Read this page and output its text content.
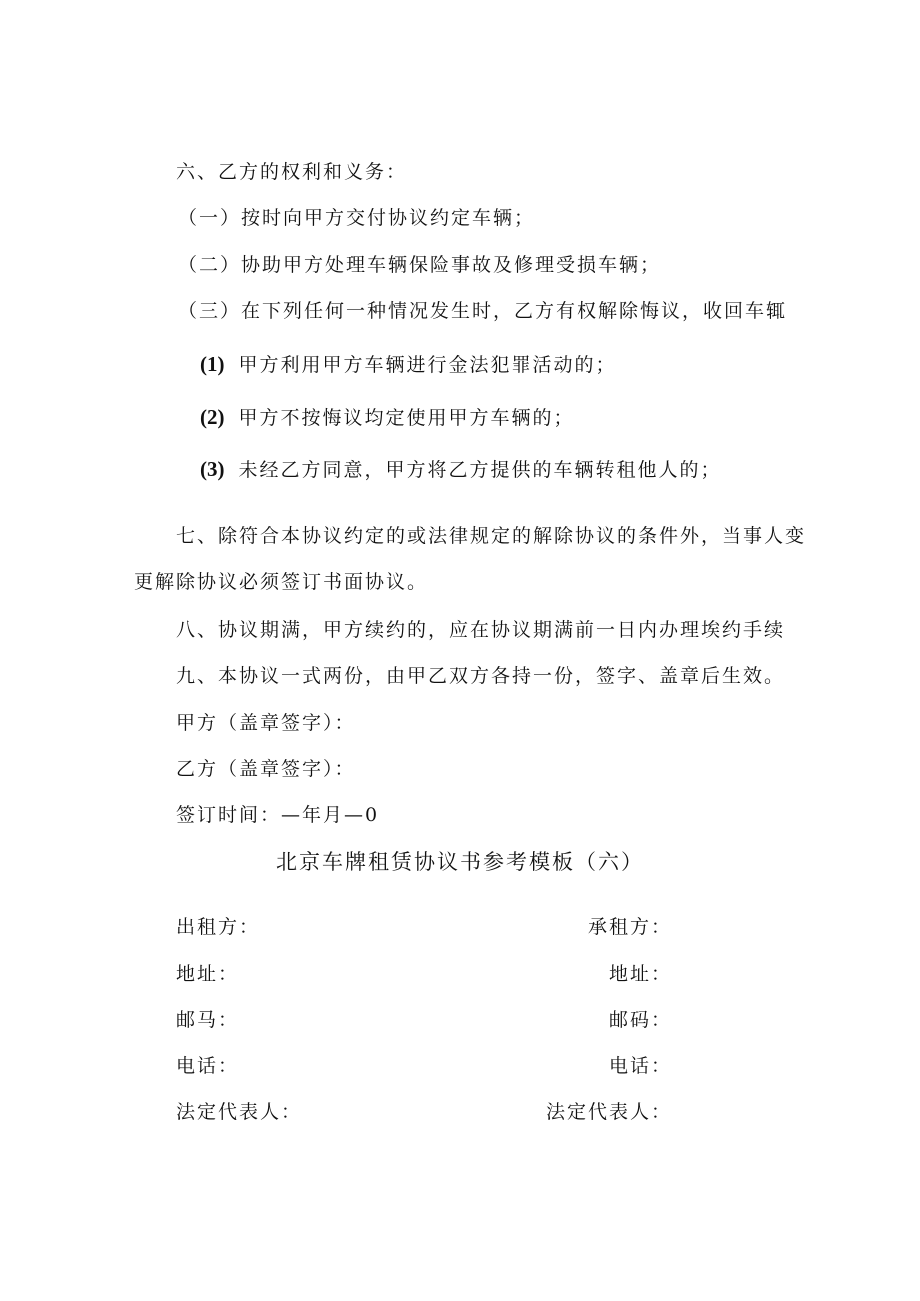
六、乙方的权利和义务：
（一）按时向甲方交付协议约定车辆；
（二）协助甲方处理车辆保险事故及修理受损车辆；
（三）在下列任何一种情况发生时，乙方有权解除悔议，收回车辄
(1) 甲方利用甲方车辆进行金法犯罪活动的；
(2) 甲方不按悔议均定使用甲方车辆的；
(3) 未经乙方同意，甲方将乙方提供的车辆转租他人的；
七、除符合本协议约定的或法律规定的解除协议的条件外，当事人变
更解除协议必须签订书面协议。
八、协议期满，甲方续约的，应在协议期满前一日内办理埃约手续
九、本协议一式两份，由甲乙双方各持一份，签字、盖章后生效。
甲方（盖章签字）：
乙方（盖章签字）：
签订时间：—年月—0
北京车牌租赁协议书参考模板（六）
出租方：	承租方：
地址：	地址：
邮马：	邮码：
电话：	电话：
法定代表人：	法定代表人：
